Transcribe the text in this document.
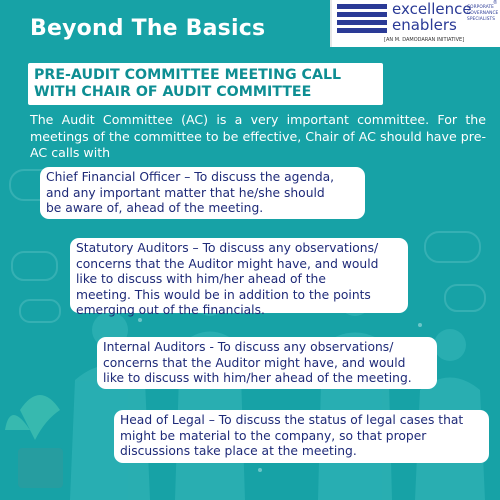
Beyond The Basics
excellence
enablers
CORPORATE GOVERNANCE SPECIALISTS
®
[AN M. DAMODARAN INITIATIVE]
PRE-AUDIT COMMITTEE MEETING CALL
WITH CHAIR OF AUDIT COMMITTEE
The Audit Committee (AC) is a very important committee. For the meetings of the committee to be effective, Chair of AC should have pre-AC calls with
Chief Financial Officer – To discuss the agenda,
and any important matter that he/she should
be aware of, ahead of the meeting.
Statutory Auditors – To discuss any observations/
concerns that the Auditor might have, and would
like to discuss with him/her ahead of the
meeting. This would be in addition to the points
emerging out of the financials.
Internal Auditors - To discuss any observations/
concerns that the Auditor might have, and would
like to discuss with him/her ahead of the meeting.
Head of Legal – To discuss the status of legal cases that
might be material to the company, so that proper
discussions take place at the meeting.
